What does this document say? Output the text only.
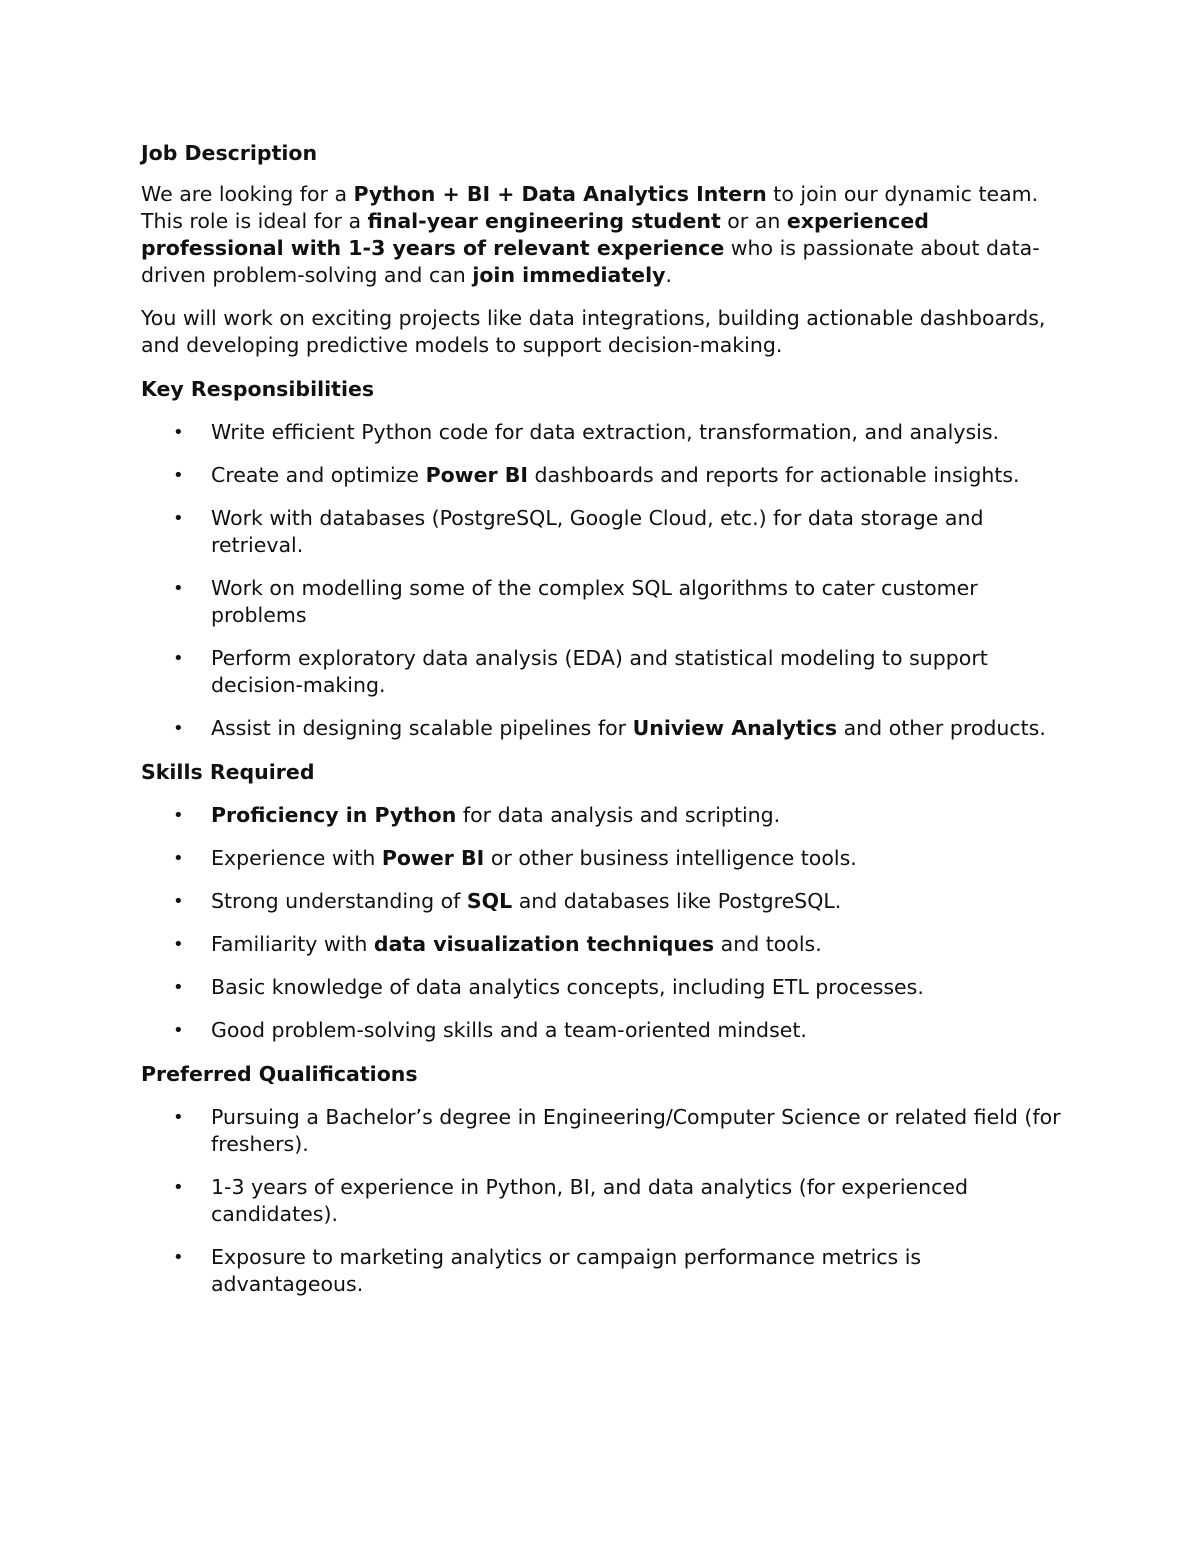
Job Description

We are looking for a Python + BI + Data Analytics Intern to join our dynamic team. This role is ideal for a final-year engineering student or an experienced professional with 1-3 years of relevant experience who is passionate about data-driven problem-solving and can join immediately.

You will work on exciting projects like data integrations, building actionable dashboards, and developing predictive models to support decision-making.

Key Responsibilities
• Write efficient Python code for data extraction, transformation, and analysis.
• Create and optimize Power BI dashboards and reports for actionable insights.
• Work with databases (PostgreSQL, Google Cloud, etc.) for data storage and retrieval.
• Work on modelling some of the complex SQL algorithms to cater customer problems
• Perform exploratory data analysis (EDA) and statistical modeling to support decision-making.
• Assist in designing scalable pipelines for Uniview Analytics and other products.
Skills Required
• Proficiency in Python for data analysis and scripting.
• Experience with Power BI or other business intelligence tools.
• Strong understanding of SQL and databases like PostgreSQL.
• Familiarity with data visualization techniques and tools.
• Basic knowledge of data analytics concepts, including ETL processes.
• Good problem-solving skills and a team-oriented mindset.
Preferred Qualifications
• Pursuing a Bachelor’s degree in Engineering/Computer Science or related field (for freshers).
• 1-3 years of experience in Python, BI, and data analytics (for experienced candidates).
• Exposure to marketing analytics or campaign performance metrics is advantageous.
